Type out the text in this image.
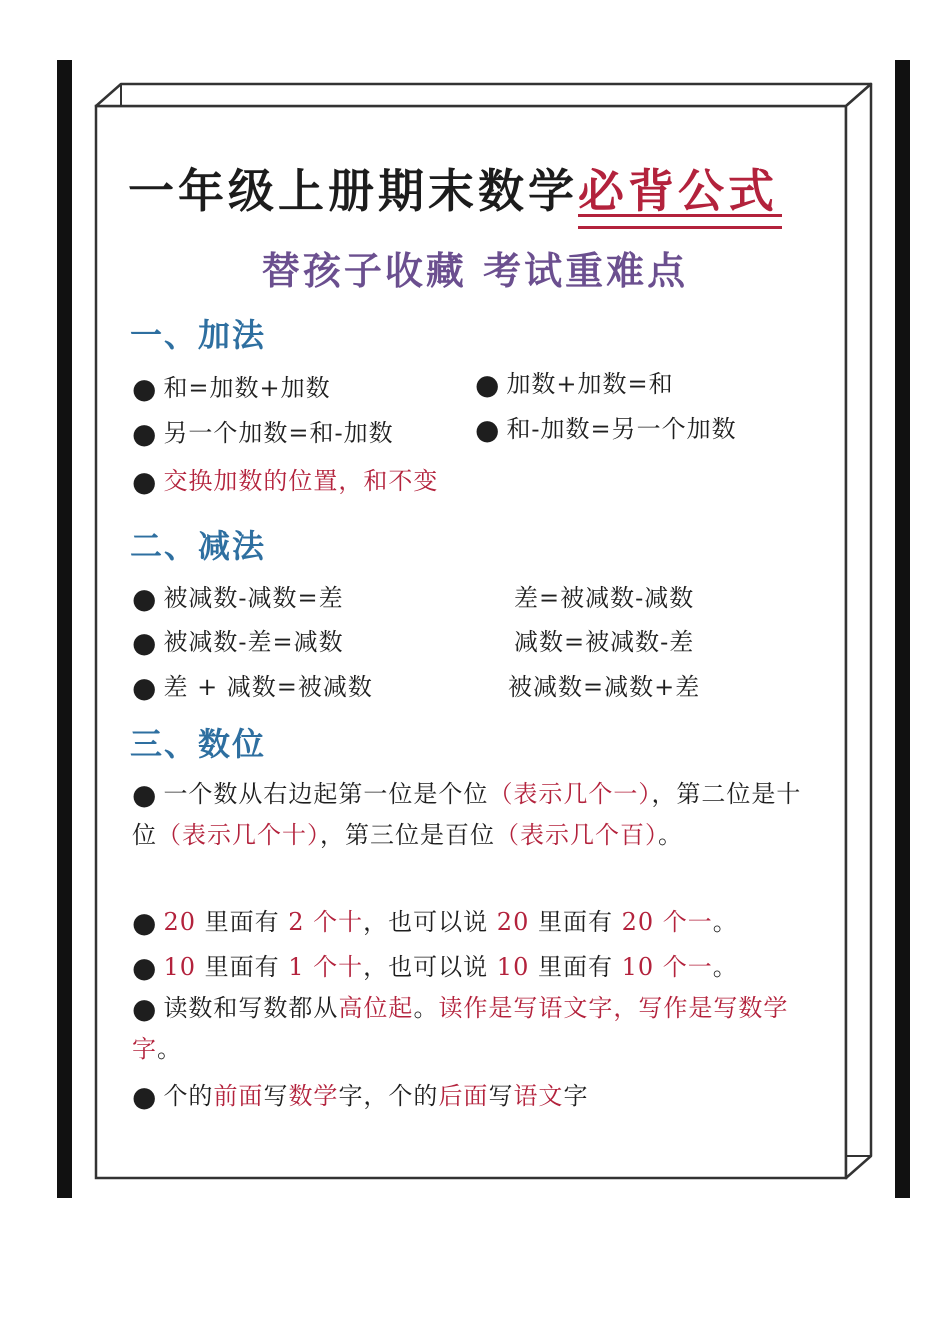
一年级上册期末数学必背公式
替孩子收藏 考试重难点
一、加法
● 和=加数+加数	● 加数+加数=和
● 另一个加数=和-加数	● 和-加数=另一个加数
● 交换加数的位置，和不变
二、减法
● 被减数-减数=差	差=被减数-减数
● 被减数-差=减数	减数=被减数-差
● 差 + 减数=被减数	被减数=减数+差
三、数位
● 一个数从右边起第一位是个位（表示几个一），第二位是十位（表示几个十），第三位是百位（表示几个百）。
● 20 里面有 2 个十，也可以说 20 里面有 20 个一。
● 10 里面有 1 个十，也可以说 10 里面有 10 个一。
● 读数和写数都从高位起。读作是写语文字，写作是写数学字。
● 个的前面写数学字，个的后面写语文字
